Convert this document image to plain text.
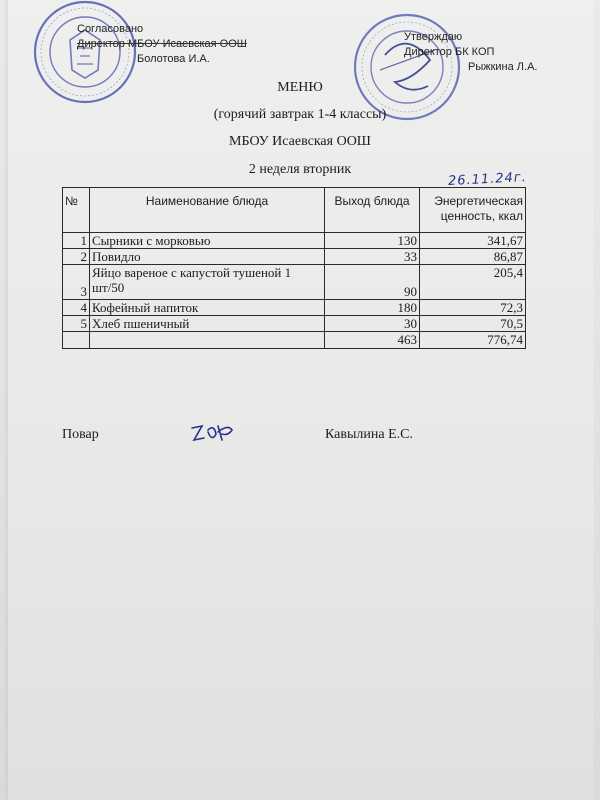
Согласовано
Директор МБОУ Исаевская ООШ
Болотова И.А.
Утверждаю
Директор БК КОП
Рыжкина Л.А.
МЕНЮ
(горячий завтрак 1-4 классы)
МБОУ Исаевская ООШ
2 неделя вторник
26.11.24г.
№	Наименование блюда	Выход блюда	Энергетическая
ценность, ккал
1	Сырники с морковью	130	341,67
2	Повидло	33	86,87
3	Яйцо вареное с капустой тушеной 1
шт/50	90	205,4
4	Кофейный напиток	180	72,3
5	Хлеб пшеничный	30	70,5
		463	776,74
Повар	Кавылина Е.С.
